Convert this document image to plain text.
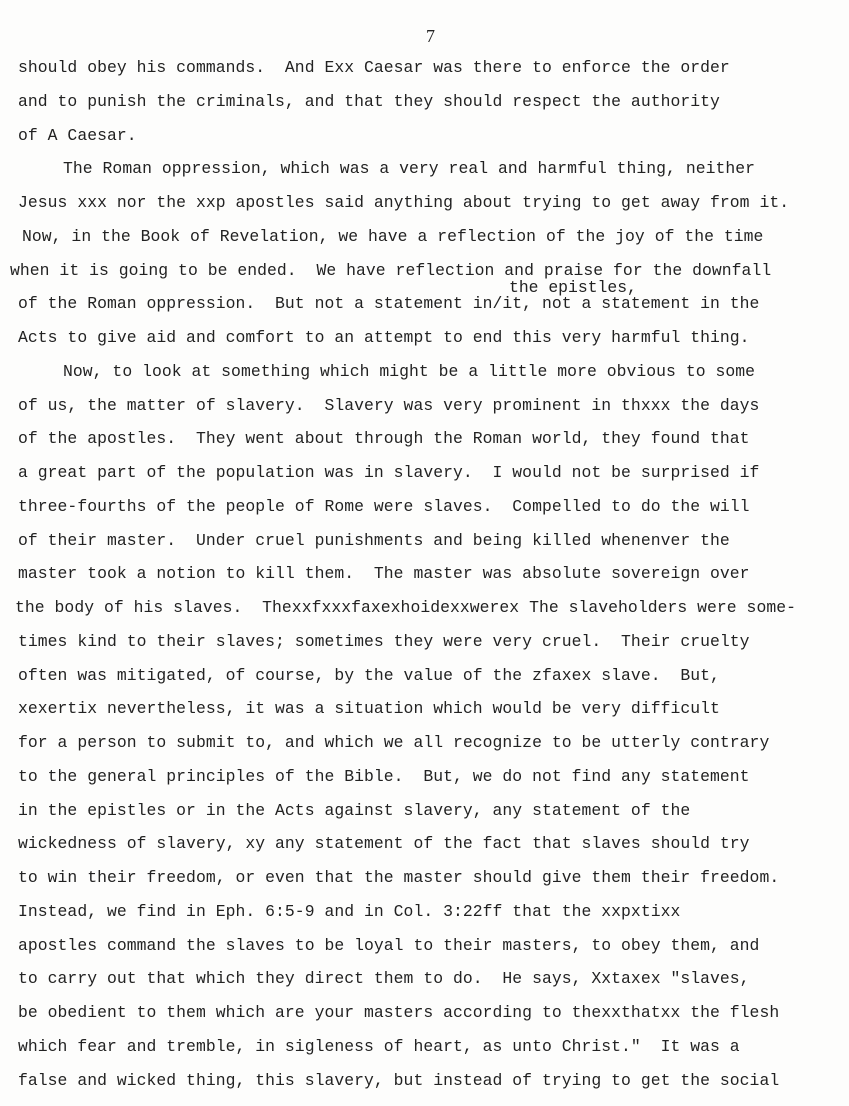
7
the epistles,
should obey his commands.  And Exx Caesar was there to enforce the order
and to punish the criminals, and that they should respect the authority
of A Caesar.
The Roman oppression, which was a very real and harmful thing, neither
Jesus xxx nor the xxp apostles said anything about trying to get away from it.
Now, in the Book of Revelation, we have a reflection of the joy of the time
when it is going to be ended.  We have reflection and praise for the downfall
of the Roman oppression.  But not a statement in/it, not a statement in the
Acts to give aid and comfort to an attempt to end this very harmful thing.
Now, to look at something which might be a little more obvious to some
of us, the matter of slavery.  Slavery was very prominent in thxxx the days
of the apostles.  They went about through the Roman world, they found that
a great part of the population was in slavery.  I would not be surprised if
three-fourths of the people of Rome were slaves.  Compelled to do the will
of their master.  Under cruel punishments and being killed whenenver the
master took a notion to kill them.  The master was absolute sovereign over
the body of his slaves.  Thexxfxxxfaxexhoidexxwerex The slaveholders were some-
times kind to their slaves; sometimes they were very cruel.  Their cruelty
often was mitigated, of course, by the value of the zfaxex slave.  But,
xexertix nevertheless, it was a situation which would be very difficult
for a person to submit to, and which we all recognize to be utterly contrary
to the general principles of the Bible.  But, we do not find any statement
in the epistles or in the Acts against slavery, any statement of the
wickedness of slavery, xy any statement of the fact that slaves should try
to win their freedom, or even that the master should give them their freedom.
Instead, we find in Eph. 6:5-9 and in Col. 3:22ff that the xxpxtixx
apostles command the slaves to be loyal to their masters, to obey them, and
to carry out that which they direct them to do.  He says, Xxtaxex "slaves,
be obedient to them which are your masters according to thexxthatxx the flesh
which fear and tremble, in sigleness of heart, as unto Christ."  It was a
false and wicked thing, this slavery, but instead of trying to get the social
